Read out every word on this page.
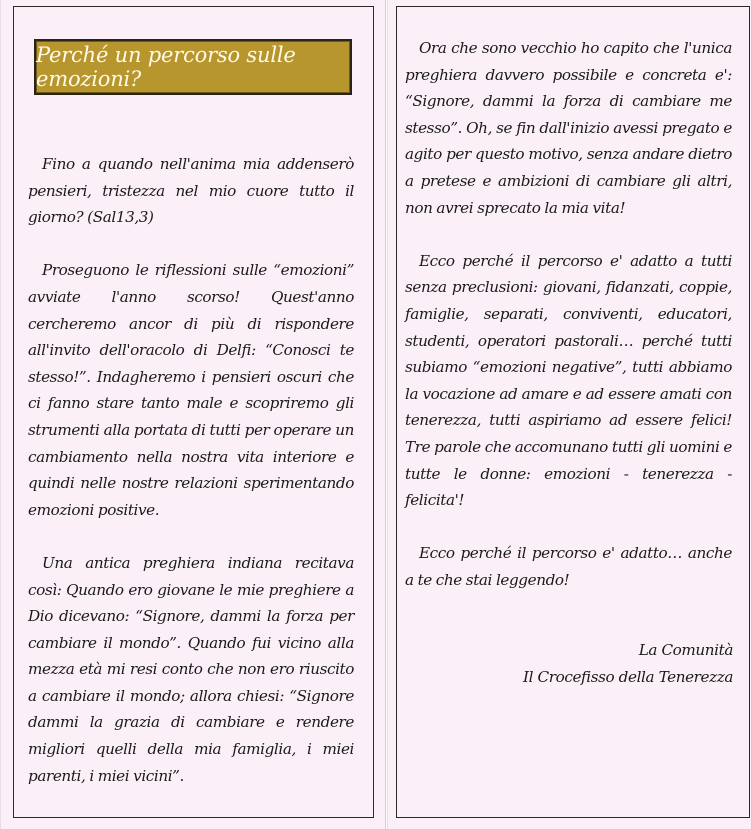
Perché un percorso sulle emozioni?

Fino a quando nell'anima mia addenserò pensieri, tristezza nel mio cuore tutto il giorno? (Sal13,3)

Proseguono le riflessioni sulle “emozioni” avviate l'anno scorso! Quest'anno cercheremo ancor di più di rispondere all'invito dell'oracolo di Delfi: “Conosci te stesso!”. Indagheremo i pensieri oscuri che ci fanno stare tanto male e scopriremo gli strumenti alla portata di tutti per operare un cambiamento nella nostra vita interiore e quindi nelle nostre relazioni sperimentando emozioni positive.

Una antica preghiera indiana recitava così: Quando ero giovane le mie preghiere a Dio dicevano: “Signore, dammi la forza per cambiare il mondo”. Quando fui vicino alla mezza età mi resi conto che non ero riuscito a cambiare il mondo; allora chiesi: “Signore dammi la grazia di cambiare e rendere migliori quelli della mia famiglia, i miei parenti, i miei vicini”.

Ora che sono vecchio ho capito che l'unica preghiera davvero possibile e concreta e': “Signore, dammi la forza di cambiare me stesso”. Oh, se fin dall'inizio avessi pregato e agito per questo motivo, senza andare dietro a pretese e ambizioni di cambiare gli altri, non avrei sprecato la mia vita!

Ecco perché il percorso e' adatto a tutti senza preclusioni: giovani, fidanzati, coppie, famiglie, separati, conviventi, educatori, studenti, operatori pastorali… perché tutti subiamo “emozioni negative”, tutti abbiamo la vocazione ad amare e ad essere amati con tenerezza, tutti aspiriamo ad essere felici! Tre parole che accomunano tutti gli uomini e tutte le donne: emozioni - tenerezza - felicita'!

Ecco perché il percorso e' adatto… anche a te che stai leggendo!

La Comunità
Il Crocefisso della Tenerezza
